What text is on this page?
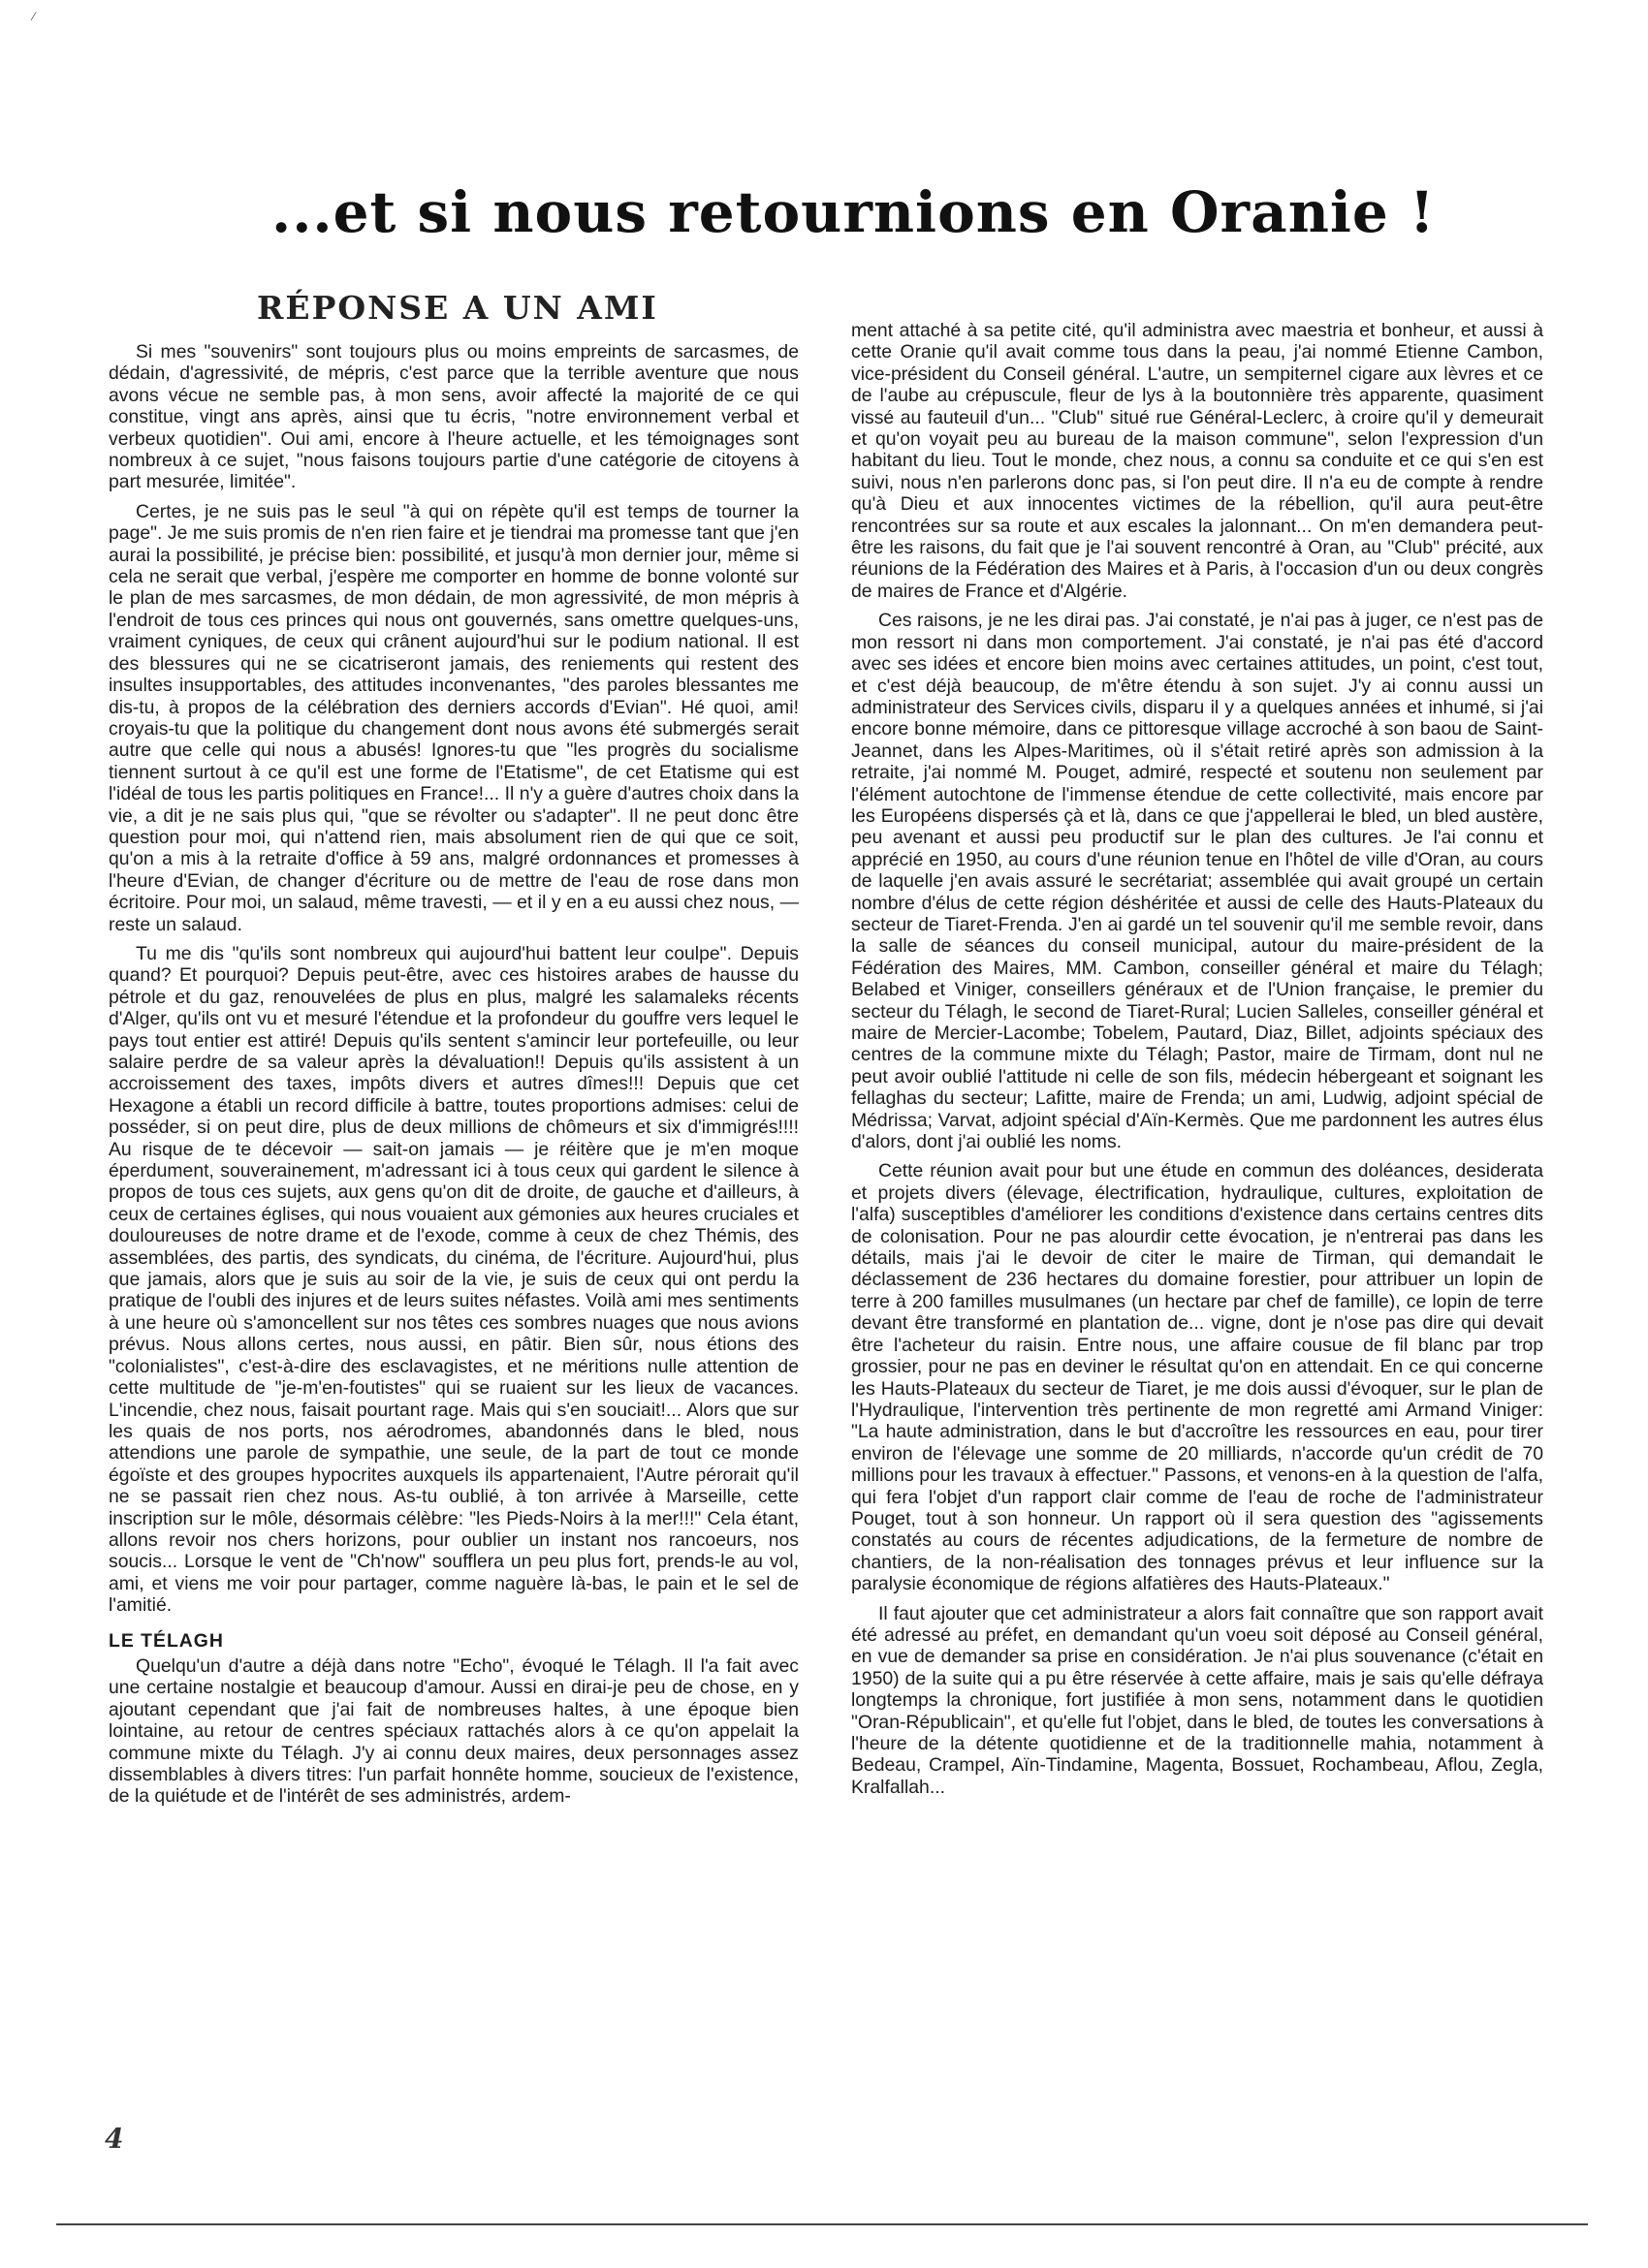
⁄
...et si nous retournions en Oranie !
RÉPONSE A UN AMI

Si mes "souvenirs" sont toujours plus ou moins empreints de sarcasmes, de dédain, d'agressivité, de mépris, c'est parce que la terrible aventure que nous avons vécue ne semble pas, à mon sens, avoir affecté la majorité de ce qui constitue, vingt ans après, ainsi que tu écris, "notre environnement verbal et verbeux quotidien". Oui ami, encore à l'heure actuelle, et les témoignages sont nombreux à ce sujet, "nous faisons toujours partie d'une catégorie de citoyens à part mesurée, limitée".

Certes, je ne suis pas le seul "à qui on répète qu'il est temps de tourner la page". Je me suis promis de n'en rien faire et je tiendrai ma promesse tant que j'en aurai la possibilité, je précise bien: possibilité, et jusqu'à mon dernier jour, même si cela ne serait que verbal, j'espère me comporter en homme de bonne volonté sur le plan de mes sarcasmes, de mon dédain, de mon agressivité, de mon mépris à l'endroit de tous ces princes qui nous ont gouvernés, sans omettre quelques-uns, vraiment cyniques, de ceux qui crânent aujourd'hui sur le podium national. Il est des blessures qui ne se cicatriseront jamais, des reniements qui restent des insultes insupportables, des attitudes inconvenantes, "des paroles blessantes me dis-tu, à propos de la célébration des derniers accords d'Evian". Hé quoi, ami! croyais-tu que la politique du changement dont nous avons été submergés serait autre que celle qui nous a abusés! Ignores-tu que "les progrès du socialisme tiennent surtout à ce qu'il est une forme de l'Etatisme", de cet Etatisme qui est l'idéal de tous les partis politiques en France!... Il n'y a guère d'autres choix dans la vie, a dit je ne sais plus qui, "que se révolter ou s'adapter". Il ne peut donc être question pour moi, qui n'attend rien, mais absolument rien de qui que ce soit, qu'on a mis à la retraite d'office à 59 ans, malgré ordonnances et promesses à l'heure d'Evian, de changer d'écriture ou de mettre de l'eau de rose dans mon écritoire. Pour moi, un salaud, même travesti, — et il y en a eu aussi chez nous, — reste un salaud.

Tu me dis "qu'ils sont nombreux qui aujourd'hui battent leur coulpe". Depuis quand? Et pourquoi? Depuis peut-être, avec ces histoires arabes de hausse du pétrole et du gaz, renouvelées de plus en plus, malgré les salamaleks récents d'Alger, qu'ils ont vu et mesuré l'étendue et la profondeur du gouffre vers lequel le pays tout entier est attiré! Depuis qu'ils sentent s'amincir leur portefeuille, ou leur salaire perdre de sa valeur après la dévaluation!! Depuis qu'ils assistent à un accroissement des taxes, impôts divers et autres dîmes!!! Depuis que cet Hexagone a établi un record difficile à battre, toutes proportions admises: celui de posséder, si on peut dire, plus de deux millions de chômeurs et six d'immigrés!!!! Au risque de te décevoir — sait-on jamais — je réitère que je m'en moque éperdument, souverainement, m'adressant ici à tous ceux qui gardent le silence à propos de tous ces sujets, aux gens qu'on dit de droite, de gauche et d'ailleurs, à ceux de certaines églises, qui nous vouaient aux gémonies aux heures cruciales et douloureuses de notre drame et de l'exode, comme à ceux de chez Thémis, des assemblées, des partis, des syndicats, du cinéma, de l'écriture. Aujourd'hui, plus que jamais, alors que je suis au soir de la vie, je suis de ceux qui ont perdu la pratique de l'oubli des injures et de leurs suites néfastes. Voilà ami mes sentiments à une heure où s'amoncellent sur nos têtes ces sombres nuages que nous avions prévus. Nous allons certes, nous aussi, en pâtir. Bien sûr, nous étions des "colonialistes", c'est-à-dire des esclavagistes, et ne méritions nulle attention de cette multitude de "je-m'en-foutistes" qui se ruaient sur les lieux de vacances. L'incendie, chez nous, faisait pourtant rage. Mais qui s'en souciait!... Alors que sur les quais de nos ports, nos aérodromes, abandonnés dans le bled, nous attendions une parole de sympathie, une seule, de la part de tout ce monde égoïste et des groupes hypocrites auxquels ils appartenaient, l'Autre pérorait qu'il ne se passait rien chez nous. As-tu oublié, à ton arrivée à Marseille, cette inscription sur le môle, désormais célèbre: "les Pieds-Noirs à la mer!!!" Cela étant, allons revoir nos chers horizons, pour oublier un instant nos rancoeurs, nos soucis... Lorsque le vent de "Ch'now" soufflera un peu plus fort, prends-le au vol, ami, et viens me voir pour partager, comme naguère là-bas, le pain et le sel de l'amitié.

LE TÉLAGH

Quelqu'un d'autre a déjà dans notre "Echo", évoqué le Télagh. Il l'a fait avec une certaine nostalgie et beaucoup d'amour. Aussi en dirai-je peu de chose, en y ajoutant cependant que j'ai fait de nombreuses haltes, à une époque bien lointaine, au retour de centres spéciaux rattachés alors à ce qu'on appelait la commune mixte du Télagh. J'y ai connu deux maires, deux personnages assez dissemblables à divers titres: l'un parfait honnête homme, soucieux de l'existence, de la quiétude et de l'intérêt de ses administrés, ardem-

ment attaché à sa petite cité, qu'il administra avec maestria et bonheur, et aussi à cette Oranie qu'il avait comme tous dans la peau, j'ai nommé Etienne Cambon, vice-président du Conseil général. L'autre, un sempiternel cigare aux lèvres et ce de l'aube au crépuscule, fleur de lys à la boutonnière très apparente, quasiment vissé au fauteuil d'un... "Club" situé rue Général-Leclerc, à croire qu'il y demeurait et qu'on voyait peu au bureau de la maison commune", selon l'expression d'un habitant du lieu. Tout le monde, chez nous, a connu sa conduite et ce qui s'en est suivi, nous n'en parlerons donc pas, si l'on peut dire. Il n'a eu de compte à rendre qu'à Dieu et aux innocentes victimes de la rébellion, qu'il aura peut-être rencontrées sur sa route et aux escales la jalonnant... On m'en demandera peut-être les raisons, du fait que je l'ai souvent rencontré à Oran, au "Club" précité, aux réunions de la Fédération des Maires et à Paris, à l'occasion d'un ou deux congrès de maires de France et d'Algérie.

Ces raisons, je ne les dirai pas. J'ai constaté, je n'ai pas à juger, ce n'est pas de mon ressort ni dans mon comportement. J'ai constaté, je n'ai pas été d'accord avec ses idées et encore bien moins avec certaines attitudes, un point, c'est tout, et c'est déjà beaucoup, de m'être étendu à son sujet. J'y ai connu aussi un administrateur des Services civils, disparu il y a quelques années et inhumé, si j'ai encore bonne mémoire, dans ce pittoresque village accroché à son baou de Saint-Jeannet, dans les Alpes-Maritimes, où il s'était retiré après son admission à la retraite, j'ai nommé M. Pouget, admiré, respecté et soutenu non seulement par l'élément autochtone de l'immense étendue de cette collectivité, mais encore par les Européens dispersés çà et là, dans ce que j'appellerai le bled, un bled austère, peu avenant et aussi peu productif sur le plan des cultures. Je l'ai connu et apprécié en 1950, au cours d'une réunion tenue en l'hôtel de ville d'Oran, au cours de laquelle j'en avais assuré le secrétariat; assemblée qui avait groupé un certain nombre d'élus de cette région déshéritée et aussi de celle des Hauts-Plateaux du secteur de Tiaret-Frenda. J'en ai gardé un tel souvenir qu'il me semble revoir, dans la salle de séances du conseil municipal, autour du maire-président de la Fédération des Maires, MM. Cambon, conseiller général et maire du Télagh; Belabed et Viniger, conseillers généraux et de l'Union française, le premier du secteur du Télagh, le second de Tiaret-Rural; Lucien Salleles, conseiller général et maire de Mercier-Lacombe; Tobelem, Pautard, Diaz, Billet, adjoints spéciaux des centres de la commune mixte du Télagh; Pastor, maire de Tirmam, dont nul ne peut avoir oublié l'attitude ni celle de son fils, médecin hébergeant et soignant les fellaghas du secteur; Lafitte, maire de Frenda; un ami, Ludwig, adjoint spécial de Médrissa; Varvat, adjoint spécial d'Aïn-Kermès. Que me pardonnent les autres élus d'alors, dont j'ai oublié les noms.

Cette réunion avait pour but une étude en commun des doléances, desiderata et projets divers (élevage, électrification, hydraulique, cultures, exploitation de l'alfa) susceptibles d'améliorer les conditions d'existence dans certains centres dits de colonisation. Pour ne pas alourdir cette évocation, je n'entrerai pas dans les détails, mais j'ai le devoir de citer le maire de Tirman, qui demandait le déclassement de 236 hectares du domaine forestier, pour attribuer un lopin de terre à 200 familles musulmanes (un hectare par chef de famille), ce lopin de terre devant être transformé en plantation de... vigne, dont je n'ose pas dire qui devait être l'acheteur du raisin. Entre nous, une affaire cousue de fil blanc par trop grossier, pour ne pas en deviner le résultat qu'on en attendait. En ce qui concerne les Hauts-Plateaux du secteur de Tiaret, je me dois aussi d'évoquer, sur le plan de l'Hydraulique, l'intervention très pertinente de mon regretté ami Armand Viniger: "La haute administration, dans le but d'accroître les ressources en eau, pour tirer environ de l'élevage une somme de 20 milliards, n'accorde qu'un crédit de 70 millions pour les travaux à effectuer." Passons, et venons-en à la question de l'alfa, qui fera l'objet d'un rapport clair comme de l'eau de roche de l'administrateur Pouget, tout à son honneur. Un rapport où il sera question des "agissements constatés au cours de récentes adjudications, de la fermeture de nombre de chantiers, de la non-réalisation des tonnages prévus et leur influence sur la paralysie économique de régions alfatières des Hauts-Plateaux."

Il faut ajouter que cet administrateur a alors fait connaître que son rapport avait été adressé au préfet, en demandant qu'un voeu soit déposé au Conseil général, en vue de demander sa prise en considération. Je n'ai plus souvenance (c'était en 1950) de la suite qui a pu être réservée à cette affaire, mais je sais qu'elle défraya longtemps la chronique, fort justifiée à mon sens, notamment dans le quotidien "Oran-Républicain", et qu'elle fut l'objet, dans le bled, de toutes les conversations à l'heure de la détente quotidienne et de la traditionnelle mahia, notamment à Bedeau, Crampel, Aïn-Tindamine, Magenta, Bossuet, Rochambeau, Aflou, Zegla, Kralfallah...

4
